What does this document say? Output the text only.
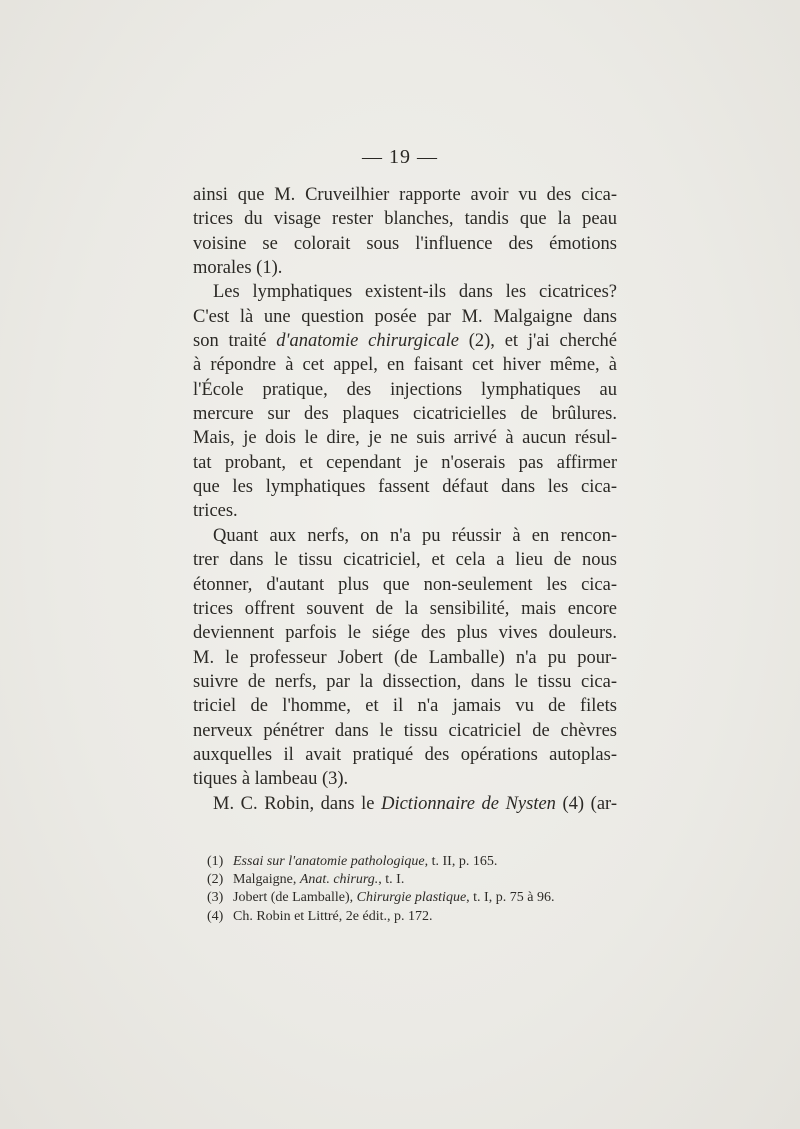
— 19 —
ainsi que M. Cruveilhier rapporte avoir vu des cica-
trices du visage rester blanches, tandis que la peau
voisine se colorait sous l'influence des émotions
morales (1).
Les lymphatiques existent-ils dans les cicatrices?
C'est là une question posée par M. Malgaigne dans
son traité d'anatomie chirurgicale (2), et j'ai cherché
à répondre à cet appel, en faisant cet hiver même, à
l'École pratique, des injections lymphatiques au
mercure sur des plaques cicatricielles de brûlures.
Mais, je dois le dire, je ne suis arrivé à aucun résul-
tat probant, et cependant je n'oserais pas affirmer
que les lymphatiques fassent défaut dans les cica-
trices.
Quant aux nerfs, on n'a pu réussir à en rencon-
trer dans le tissu cicatriciel, et cela a lieu de nous
étonner, d'autant plus que non-seulement les cica-
trices offrent souvent de la sensibilité, mais encore
deviennent parfois le siége des plus vives douleurs.
M. le professeur Jobert (de Lamballe) n'a pu pour-
suivre de nerfs, par la dissection, dans le tissu cica-
triciel de l'homme, et il n'a jamais vu de filets
nerveux pénétrer dans le tissu cicatriciel de chèvres
auxquelles il avait pratiqué des opérations autoplas-
tiques à lambeau (3).
M. C. Robin, dans le Dictionnaire de Nysten (4) (ar-
(1) Essai sur l'anatomie pathologique, t. II, p. 165.
(2) Malgaigne, Anat. chirurg., t. I.
(3) Jobert (de Lamballe), Chirurgie plastique, t. I, p. 75 à 96.
(4) Ch. Robin et Littré, 2e édit., p. 172.
